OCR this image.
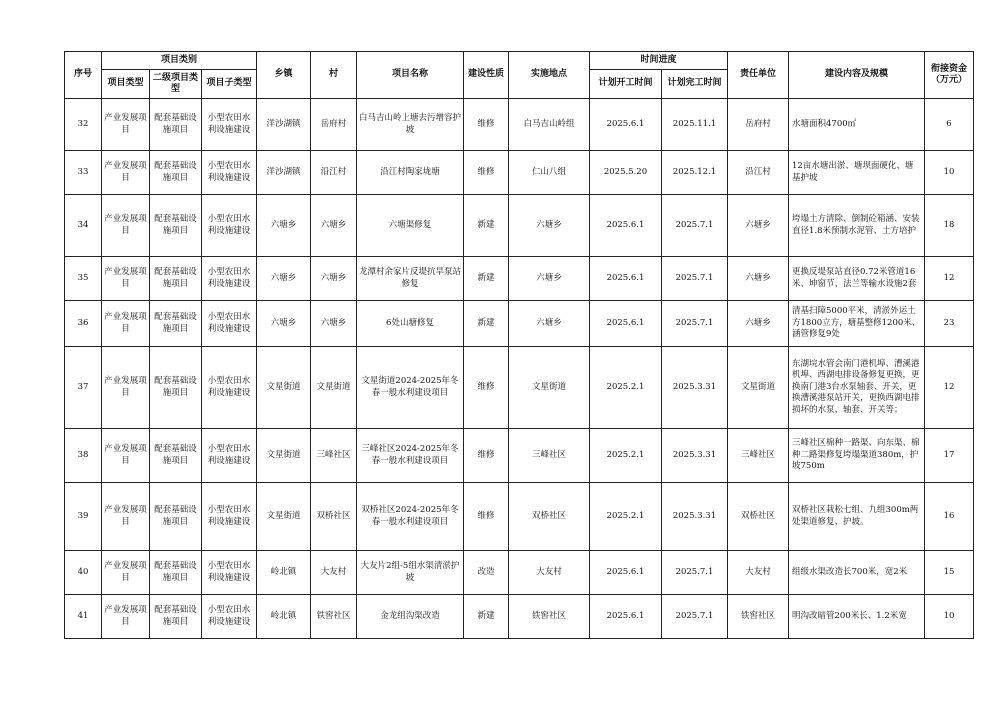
序号	项目类别			乡镇	村	项目名称	建设性质	实施地点	时间进度		责任单位	建设内容及规模	衔接资金（万元）
	项目类型	二级项目类型	项目子类型						计划开工时间	计划完工时间			
32	产业发展项目	配套基础设施项目	小型农田水利设施建设	洋沙湖镇	岳府村	白马吉山岭上塘去污增容护坡	维修	白马吉山岭组	2025.6.1	2025.11.1	岳府村	水塘面积4700㎡	6
33	产业发展项目	配套基础设施项目	小型农田水利设施建设	洋沙湖镇	沿江村	沿江村陶家垅塘	维修	仁山八组	2025.5.20	2025.12.1	沿江村	12亩水塘出淤、塘坝面硬化、塘基护坡	10
34	产业发展项目	配套基础设施项目	小型农田水利设施建设	六塘乡	六塘乡	六塘渠修复	新建	六塘乡	2025.6.1	2025.7.1	六塘乡	垮塌土方清除、倒制砼箱涵、安装直径1.8米预制水泥管、土方培护	18
35	产业发展项目	配套基础设施项目	小型农田水利设施建设	六塘乡	六塘乡	龙潭村余家片反堤抗旱泵站修复	新建	六塘乡	2025.6.1	2025.7.1	六塘乡	更换反堤泵站直径0.72米管道16米、坤窗节、法兰等输水设施2套	12
36	产业发展项目	配套基础设施项目	小型农田水利设施建设	六塘乡	六塘乡	6处山塘修复	新建	六塘乡	2025.6.1	2025.7.1	六塘乡	清基扫障5000平米，清淤外运土方1800立方，塘基整修1200米、涵管修复9处	23
37	产业发展项目	配套基础设施项目	小型农田水利设施建设	文星街道	文星街道	文星街道2024-2025年冬春一般水利建设项目	维修	文星街道	2025.2.1	2025.3.31	文星街道	东湖垸水管会南门港机埠、漕溪港机埠、西湖电排设备修复更换，更换南门港3台水泵轴套、开关，更换漕溪港泵站开关，更换西湖电排损坏的水泵、轴套、开关等；	12
38	产业发展项目	配套基础设施项目	小型农田水利设施建设	文星街道	三峰社区	三峰社区2024-2025年冬春一般水利建设项目	维修	三峰社区	2025.2.1	2025.3.31	三峰社区	三峰社区棉种一路渠、向东渠、棉种二路渠修复垮塌渠道380m，护坡750m	17
39	产业发展项目	配套基础设施项目	小型农田水利设施建设	文星街道	双桥社区	双桥社区2024-2025年冬春一般水利建设项目	维修	双桥社区	2025.2.1	2025.3.31	双桥社区	双桥社区栽松七组、九组300m两处渠道修复、护坡。	16
40	产业发展项目	配套基础设施项目	小型农田水利设施建设	岭北镇	大友村	大友片2组-5组水渠清淤护坡	改造	大友村	2025.6.1	2025.7.1	大友村	组级水渠改造长700米，宽2米	15
41	产业发展项目	配套基础设施项目	小型农田水利设施建设	岭北镇	铁窖社区	金龙组沟渠改造	新建	铁窖社区	2025.6.1	2025.7.1	铁窖社区	明沟改暗管200米长、1.2米宽	10
